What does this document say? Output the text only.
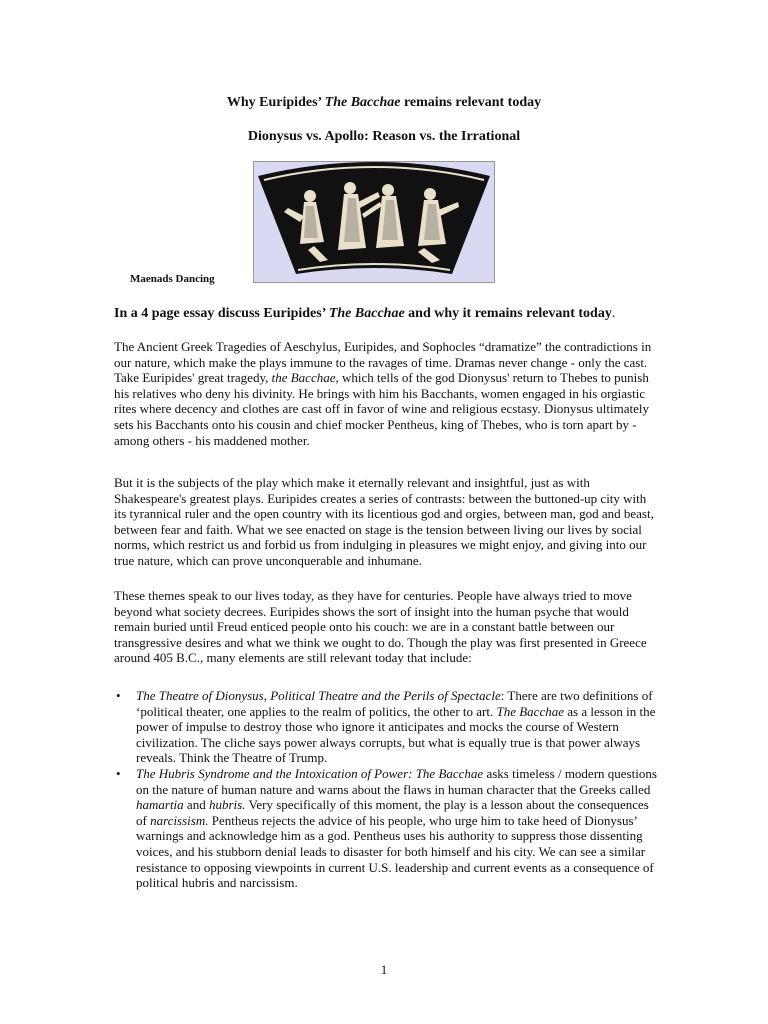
Why Euripides’ The Bacchae remains relevant today
Dionysus vs. Apollo: Reason vs. the Irrational
Maenads Dancing
In a 4 page essay discuss Euripides’ The Bacchae and why it remains relevant today.
The Ancient Greek Tragedies of Aeschylus, Euripides, and Sophocles “dramatize” the contradictions in our nature, which make the plays immune to the ravages of time. Dramas never change - only the cast. Take Euripides' great tragedy, the Bacchae, which tells of the god Dionysus' return to Thebes to punish his relatives who deny his divinity. He brings with him his Bacchants, women engaged in his orgiastic rites where decency and clothes are cast off in favor of wine and religious ecstasy. Dionysus ultimately sets his Bacchants onto his cousin and chief mocker Pentheus, king of Thebes, who is torn apart by - among others - his maddened mother.
But it is the subjects of the play which make it eternally relevant and insightful, just as with Shakespeare's greatest plays. Euripides creates a series of contrasts: between the buttoned-up city with its tyrannical ruler and the open country with its licentious god and orgies, between man, god and beast, between fear and faith. What we see enacted on stage is the tension between living our lives by social norms, which restrict us and forbid us from indulging in pleasures we might enjoy, and giving into our true nature, which can prove unconquerable and inhumane.
These themes speak to our lives today, as they have for centuries. People have always tried to move beyond what society decrees. Euripides shows the sort of insight into the human psyche that would remain buried until Freud enticed people onto his couch: we are in a constant battle between our transgressive desires and what we think we ought to do. Though the play was first presented in Greece around 405 B.C., many elements are still relevant today that include:
• The Theatre of Dionysus, Political Theatre and the Perils of Spectacle: There are two definitions of ‘political theater, one applies to the realm of politics, the other to art. The Bacchae as a lesson in the power of impulse to destroy those who ignore it anticipates and mocks the course of Western civilization. The cliche says power always corrupts, but what is equally true is that power always reveals. Think the Theatre of Trump.
• The Hubris Syndrome and the Intoxication of Power: The Bacchae asks timeless / modern questions on the nature of human nature and warns about the flaws in human character that the Greeks called hamartia and hubris. Very specifically of this moment, the play is a lesson about the consequences of narcissism. Pentheus rejects the advice of his people, who urge him to take heed of Dionysus’ warnings and acknowledge him as a god. Pentheus uses his authority to suppress those dissenting voices, and his stubborn denial leads to disaster for both himself and his city. We can see a similar resistance to opposing viewpoints in current U.S. leadership and current events as a consequence of political hubris and narcissism.
1
